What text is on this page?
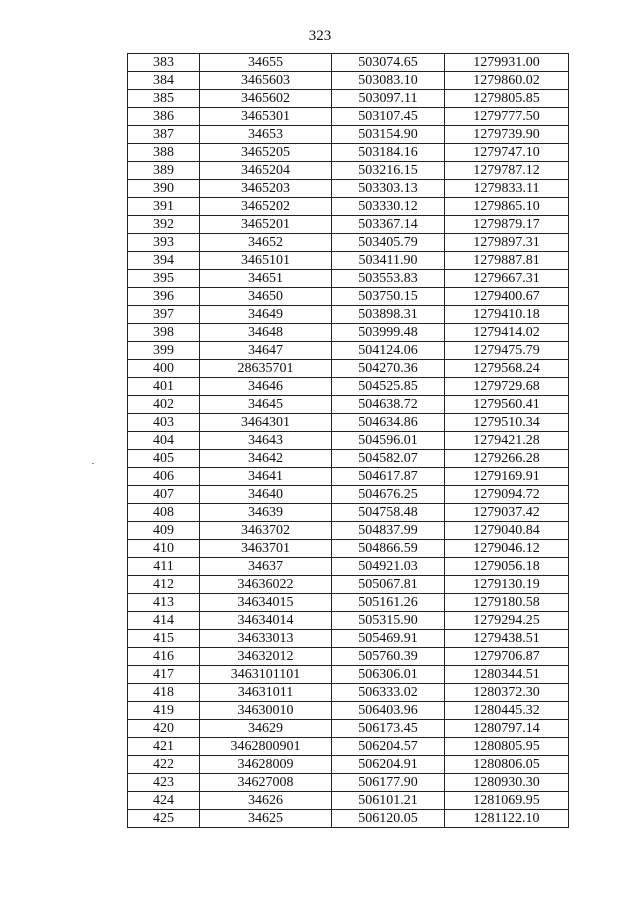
323
383	34655	503074.65	1279931.00
384	3465603	503083.10	1279860.02
385	3465602	503097.11	1279805.85
386	3465301	503107.45	1279777.50
387	34653	503154.90	1279739.90
388	3465205	503184.16	1279747.10
389	3465204	503216.15	1279787.12
390	3465203	503303.13	1279833.11
391	3465202	503330.12	1279865.10
392	3465201	503367.14	1279879.17
393	34652	503405.79	1279897.31
394	3465101	503411.90	1279887.81
395	34651	503553.83	1279667.31
396	34650	503750.15	1279400.67
397	34649	503898.31	1279410.18
398	34648	503999.48	1279414.02
399	34647	504124.06	1279475.79
400	28635701	504270.36	1279568.24
401	34646	504525.85	1279729.68
402	34645	504638.72	1279560.41
403	3464301	504634.86	1279510.34
404	34643	504596.01	1279421.28
405	34642	504582.07	1279266.28
406	34641	504617.87	1279169.91
407	34640	504676.25	1279094.72
408	34639	504758.48	1279037.42
409	3463702	504837.99	1279040.84
410	3463701	504866.59	1279046.12
411	34637	504921.03	1279056.18
412	34636022	505067.81	1279130.19
413	34634015	505161.26	1279180.58
414	34634014	505315.90	1279294.25
415	34633013	505469.91	1279438.51
416	34632012	505760.39	1279706.87
417	3463101101	506306.01	1280344.51
418	34631011	506333.02	1280372.30
419	34630010	506403.96	1280445.32
420	34629	506173.45	1280797.14
421	3462800901	506204.57	1280805.95
422	34628009	506204.91	1280806.05
423	34627008	506177.90	1280930.30
424	34626	506101.21	1281069.95
425	34625	506120.05	1281122.10
